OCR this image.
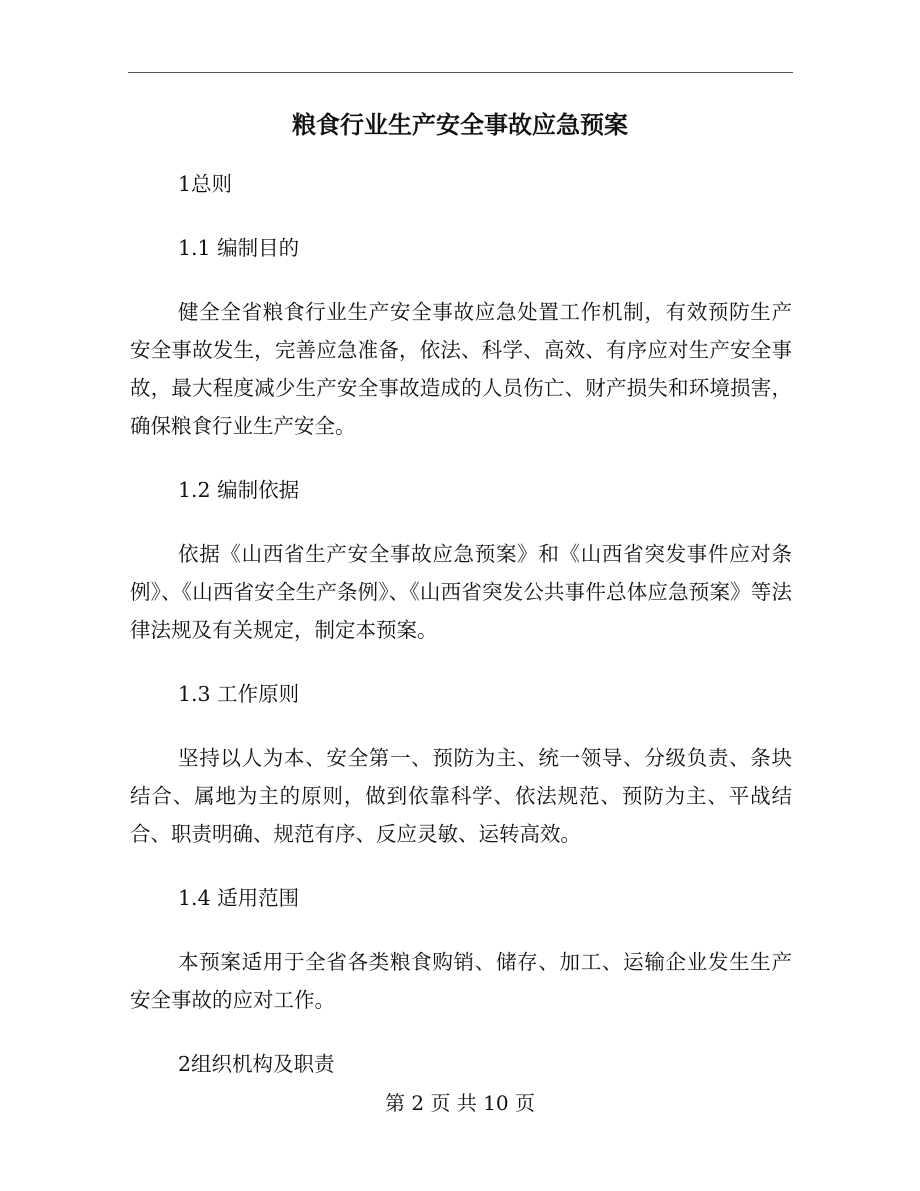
粮食行业生产安全事故应急预案
1总则
1.1 编制目的
健全全省粮食行业生产安全事故应急处置工作机制，有效预防生产安全事故发生，完善应急准备，依法、科学、高效、有序应对生产安全事故，最大程度减少生产安全事故造成的人员伤亡、财产损失和环境损害，确保粮食行业生产安全。
1.2 编制依据
依据《山西省生产安全事故应急预案》和《山西省突发事件应对条例》、《山西省安全生产条例》、《山西省突发公共事件总体应急预案》等法律法规及有关规定，制定本预案。
1.3 工作原则
坚持以人为本、安全第一、预防为主、统一领导、分级负责、条块结合、属地为主的原则，做到依靠科学、依法规范、预防为主、平战结合、职责明确、规范有序、反应灵敏、运转高效。
1.4 适用范围
本预案适用于全省各类粮食购销、储存、加工、运输企业发生生产安全事故的应对工作。
2组织机构及职责
第 2 页 共 10 页
